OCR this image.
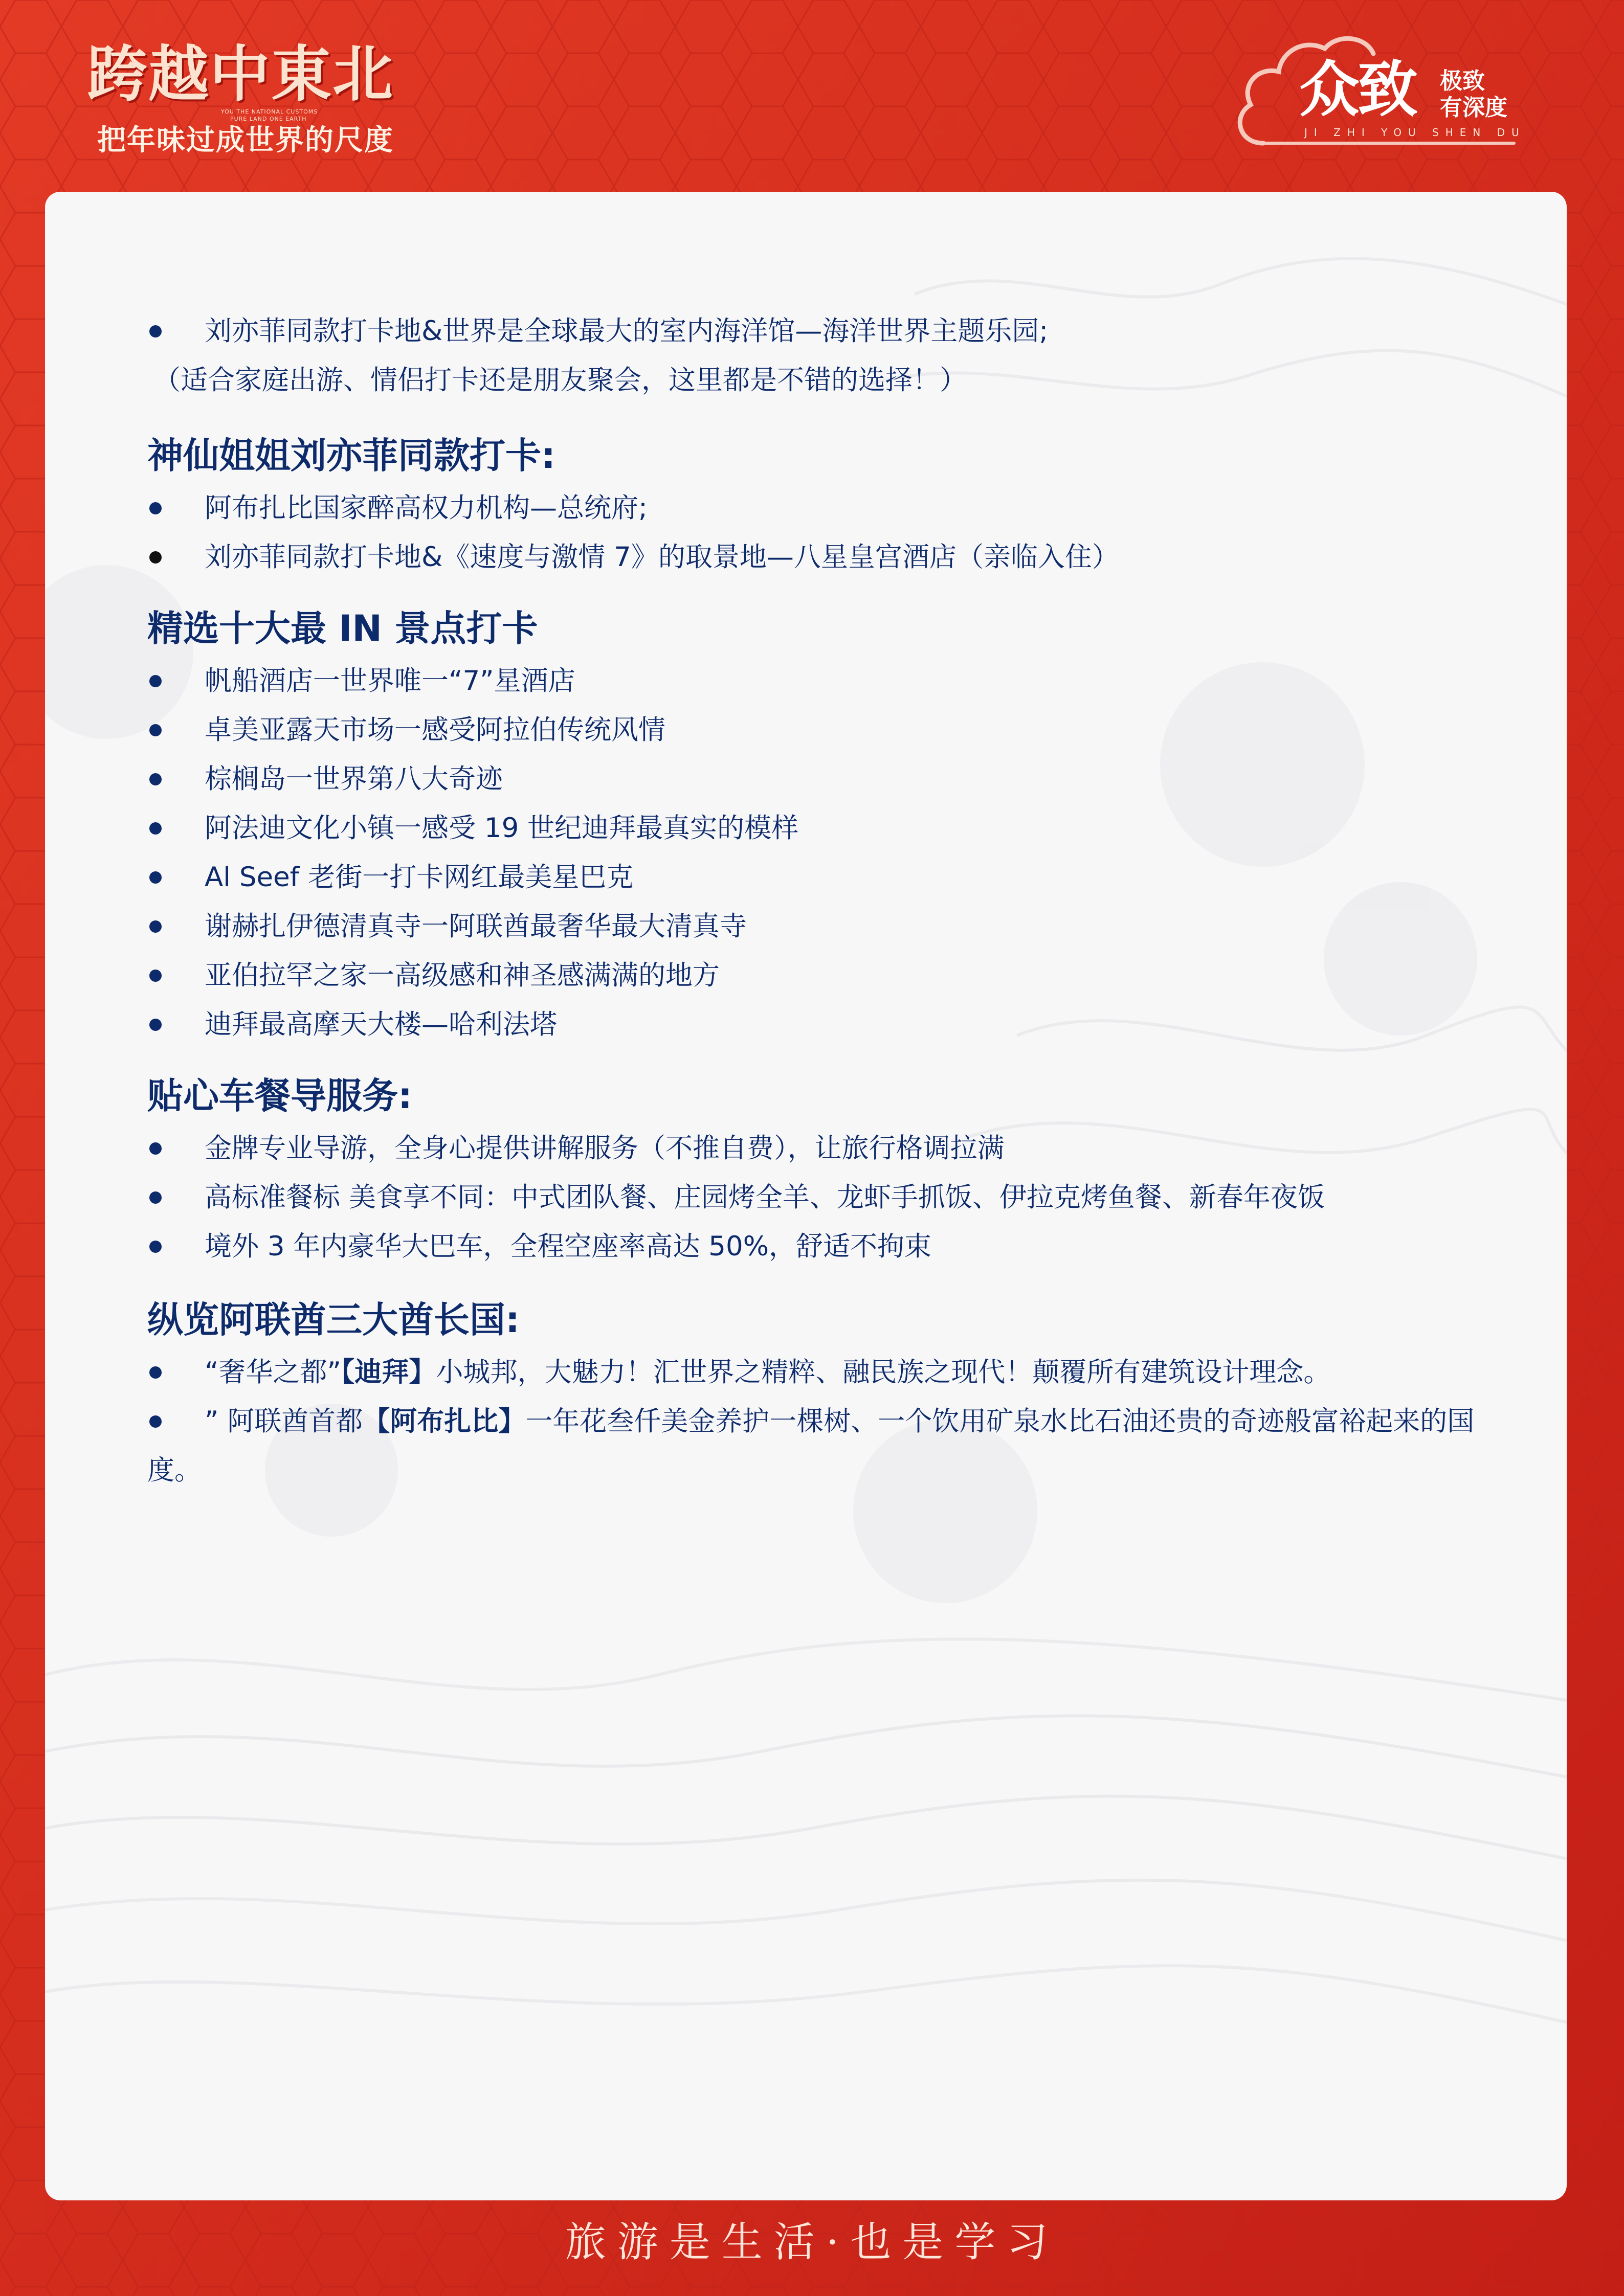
跨越中東北
YOU THE NATIONAL CUSTOMS
PURE LAND ONE EARTH
把年味过成世界的尺度
众致 极致
有深度
JI ZHI YOU SHEN DU
刘亦菲同款打卡地&世界是全球最大的室内海洋馆—海洋世界主题乐园;
（适合家庭出游、情侣打卡还是朋友聚会，这里都是不错的选择！）
神仙姐姐刘亦菲同款打卡:
阿布扎比国家醉高权力机构—总统府;
刘亦菲同款打卡地&《速度与激情 7》的取景地—八星皇宫酒店（亲临入住）
精选十大最 IN 景点打卡
帆船酒店一世界唯一“7”星酒店
卓美亚露天市场一感受阿拉伯传统风情
棕榈岛一世界第八大奇迹
阿法迪文化小镇一感受 19 世纪迪拜最真实的模样
Al Seef 老街一打卡网红最美星巴克
谢赫扎伊德清真寺一阿联酋最奢华最大清真寺
亚伯拉罕之家一高级感和神圣感满满的地方
迪拜最高摩天大楼—哈利法塔
贴心车餐导服务:
金牌专业导游，全身心提供讲解服务（不推自费），让旅行格调拉满
高标准餐标 美食享不同：中式团队餐、庄园烤全羊、龙虾手抓饭、伊拉克烤鱼餐、新春年夜饭
境外 3 年内豪华大巴车，全程空座率高达 50%，舒适不拘束
纵览阿联酋三大酋长国:
“奢华之都”【迪拜】小城邦，大魅力！汇世界之精粹、融民族之现代！颠覆所有建筑设计理念。
” 阿联酋首都【阿布扎比】一年花叁仟美金养护一棵树、一个饮用矿泉水比石油还贵的奇迹般富裕起来的国度。
旅游是生活·也是学习
